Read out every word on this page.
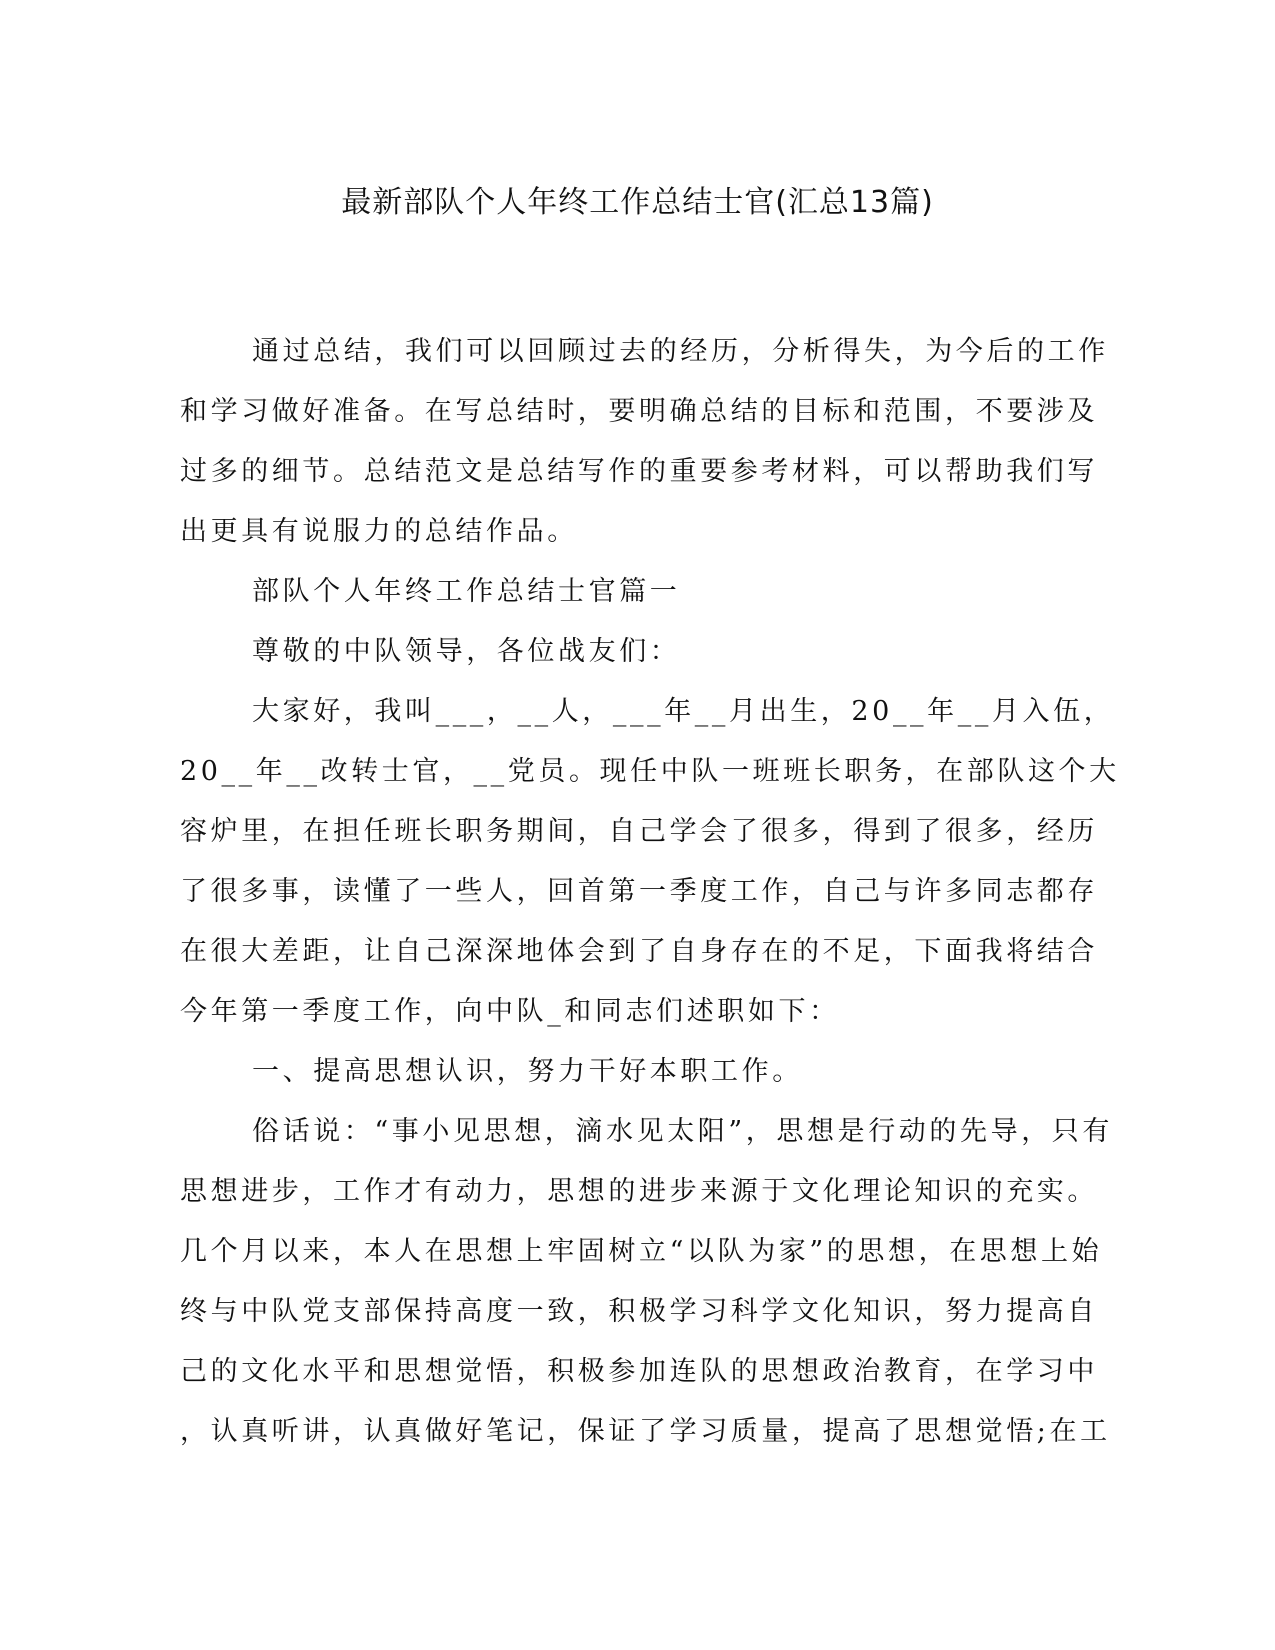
最新部队个人年终工作总结士官(汇总13篇)
通过总结，我们可以回顾过去的经历，分析得失，为今后的工作
和学习做好准备。在写总结时，要明确总结的目标和范围，不要涉及
过多的细节。总结范文是总结写作的重要参考材料，可以帮助我们写
出更具有说服力的总结作品。
部队个人年终工作总结士官篇一
尊敬的中队领导，各位战友们：
大家好，我叫___，__人，___年__月出生，20__年__月入伍，
20__年__改转士官，__党员。现任中队一班班长职务，在部队这个大
容炉里，在担任班长职务期间，自己学会了很多，得到了很多，经历
了很多事，读懂了一些人，回首第一季度工作，自己与许多同志都存
在很大差距，让自己深深地体会到了自身存在的不足，下面我将结合
今年第一季度工作，向中队_和同志们述职如下：
一、提高思想认识，努力干好本职工作。
俗话说：“事小见思想，滴水见太阳”，思想是行动的先导，只有
思想进步，工作才有动力，思想的进步来源于文化理论知识的充实。
几个月以来，本人在思想上牢固树立“以队为家”的思想，在思想上始
终与中队党支部保持高度一致，积极学习科学文化知识，努力提高自
己的文化水平和思想觉悟，积极参加连队的思想政治教育，在学习中
，认真听讲，认真做好笔记，保证了学习质量，提高了思想觉悟;在工
